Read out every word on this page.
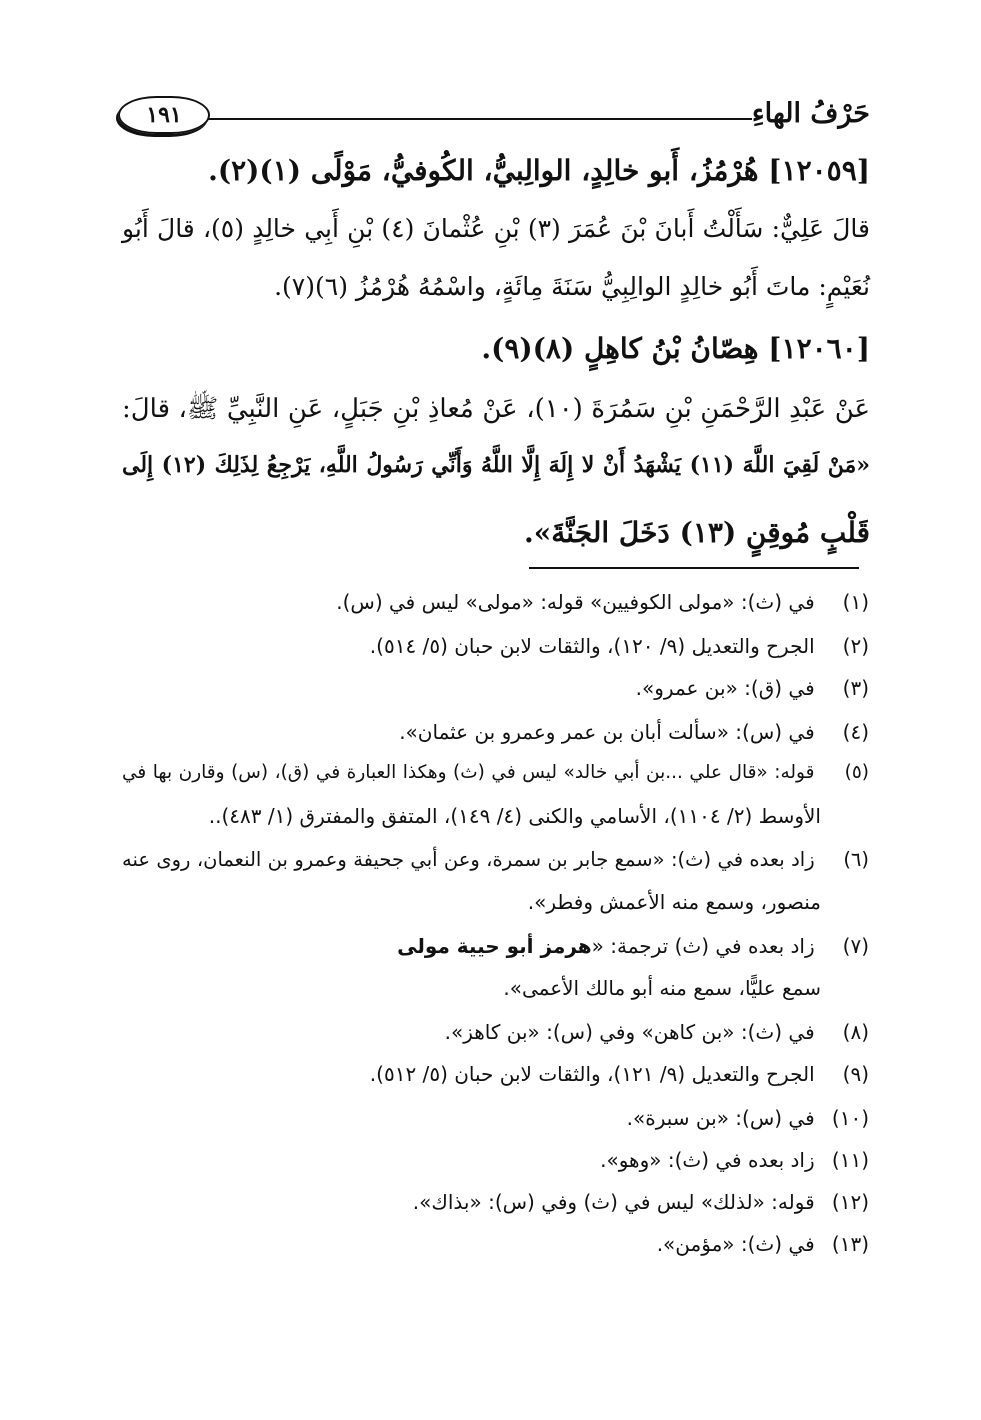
حَرْفُ الهاءِ
١٩١
[١٢٠٥٩] هُرْمُزُ، أَبو خالِدٍ، الوالِبيُّ، الكُوفيُّ، مَوْلًى (١)(٢).
قالَ عَلِيٌّ: سَأَلْتُ أَبانَ بْنَ عُمَرَ (٣) بْنِ عُثْمانَ (٤) بْنِ أَبِي خالِدٍ (٥)، قالَ أَبُو
نُعَيْمٍ: ماتَ أَبُو خالِدٍ الوالِبِيُّ سَنَةَ مِائَةٍ، واسْمُهُ هُرْمُزُ (٦)(٧).
[١٢٠٦٠] هِصّانُ بْنُ كاهِلٍ (٨)(٩).
عَنْ عَبْدِ الرَّحْمَنِ بْنِ سَمُرَةَ (١٠)، عَنْ مُعاذِ بْنِ جَبَلٍ، عَنِ النَّبِيِّ ﷺ، قالَ:
«مَنْ لَقِيَ اللَّهَ (١١) يَشْهَدُ أَنْ لا إِلَهَ إِلَّا اللَّهُ وَأَنِّي رَسُولُ اللَّهِ، يَرْجِعُ لِذَلِكَ (١٢) إِلَى
قَلْبٍ مُوقِنٍ (١٣) دَخَلَ الجَنَّةَ».
(١) في (ث): «مولى الكوفيين» قوله: «مولى» ليس في (س).
(٢) الجرح والتعديل (٩/ ١٢٠)، والثقات لابن حبان (٥/ ٥١٤).
(٣) في (ق): «بن عمرو».
(٤) في (س): «سألت أبان بن عمر وعمرو بن عثمان».
(٥) قوله: «قال علي ...بن أبي خالد» ليس في (ث) وهكذا العبارة في (ق)، (س) وقارن بها في
الأوسط (٢/ ١١٠٤)، الأسامي والكنى (٤/ ١٤٩)، المتفق والمفترق (١/ ٤٨٣)..
(٦) زاد بعده في (ث): «سمع جابر بن سمرة، وعن أبي جحيفة وعمرو بن النعمان، روى عنه
منصور، وسمع منه الأعمش وفطر».
(٧) زاد بعده في (ث) ترجمة: «هرمز أبو حيية مولى
سمع عليًّا، سمع منه أبو مالك الأعمى».
(٨) في (ث): «بن كاهن» وفي (س): «بن كاهز».
(٩) الجرح والتعديل (٩/ ١٢١)، والثقات لابن حبان (٥/ ٥١٢).
(١٠) في (س): «بن سبرة».
(١١) زاد بعده في (ث): «وهو».
(١٢) قوله: «لذلك» ليس في (ث) وفي (س): «بذاك».
(١٣) في (ث): «مؤمن».
